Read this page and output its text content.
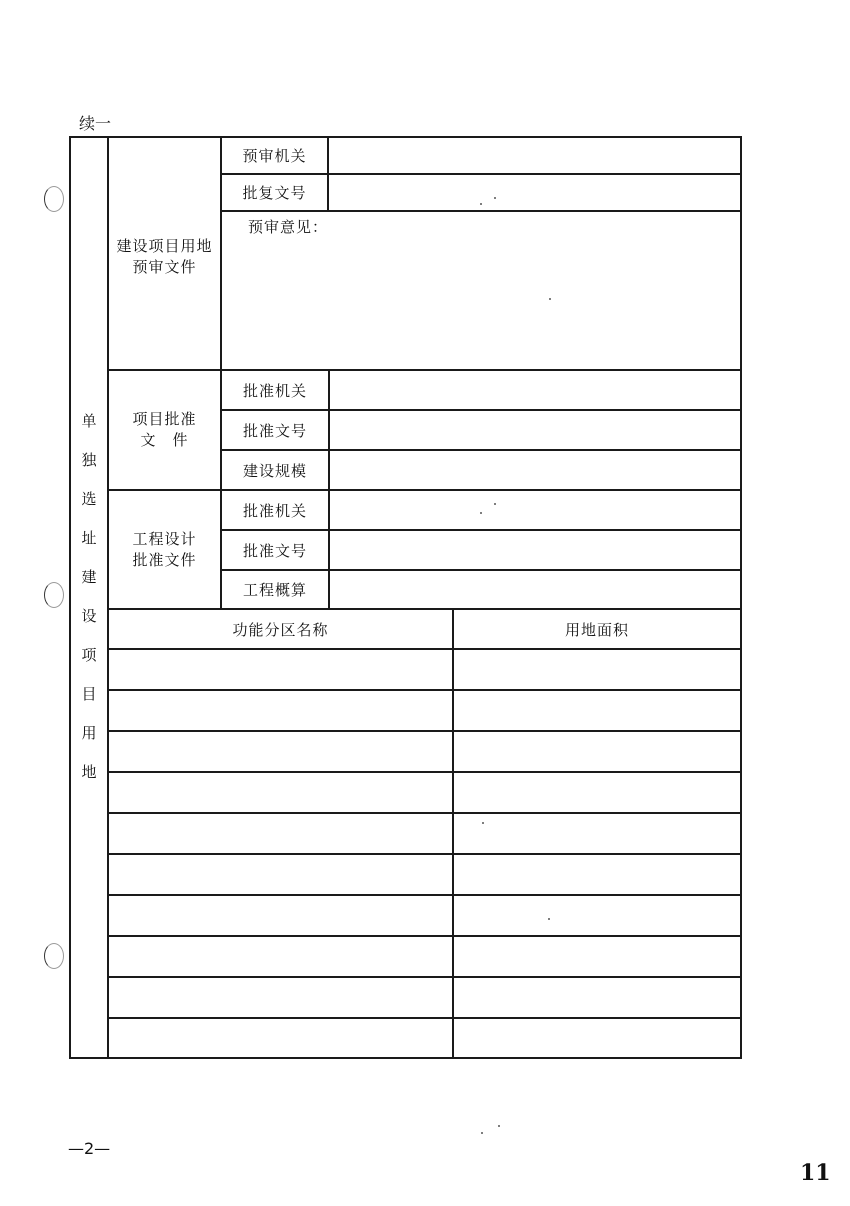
续一
单
独
选
址
建
设
项
目
用
地
建设项目用地
预审文件
预审机关
批复文号
预审意见：
项目批准
文　件
批准机关
批准文号
建设规模
工程设计
批准文件
批准机关
批准文号
工程概算
功能分区名称	用地面积
—2—
11
